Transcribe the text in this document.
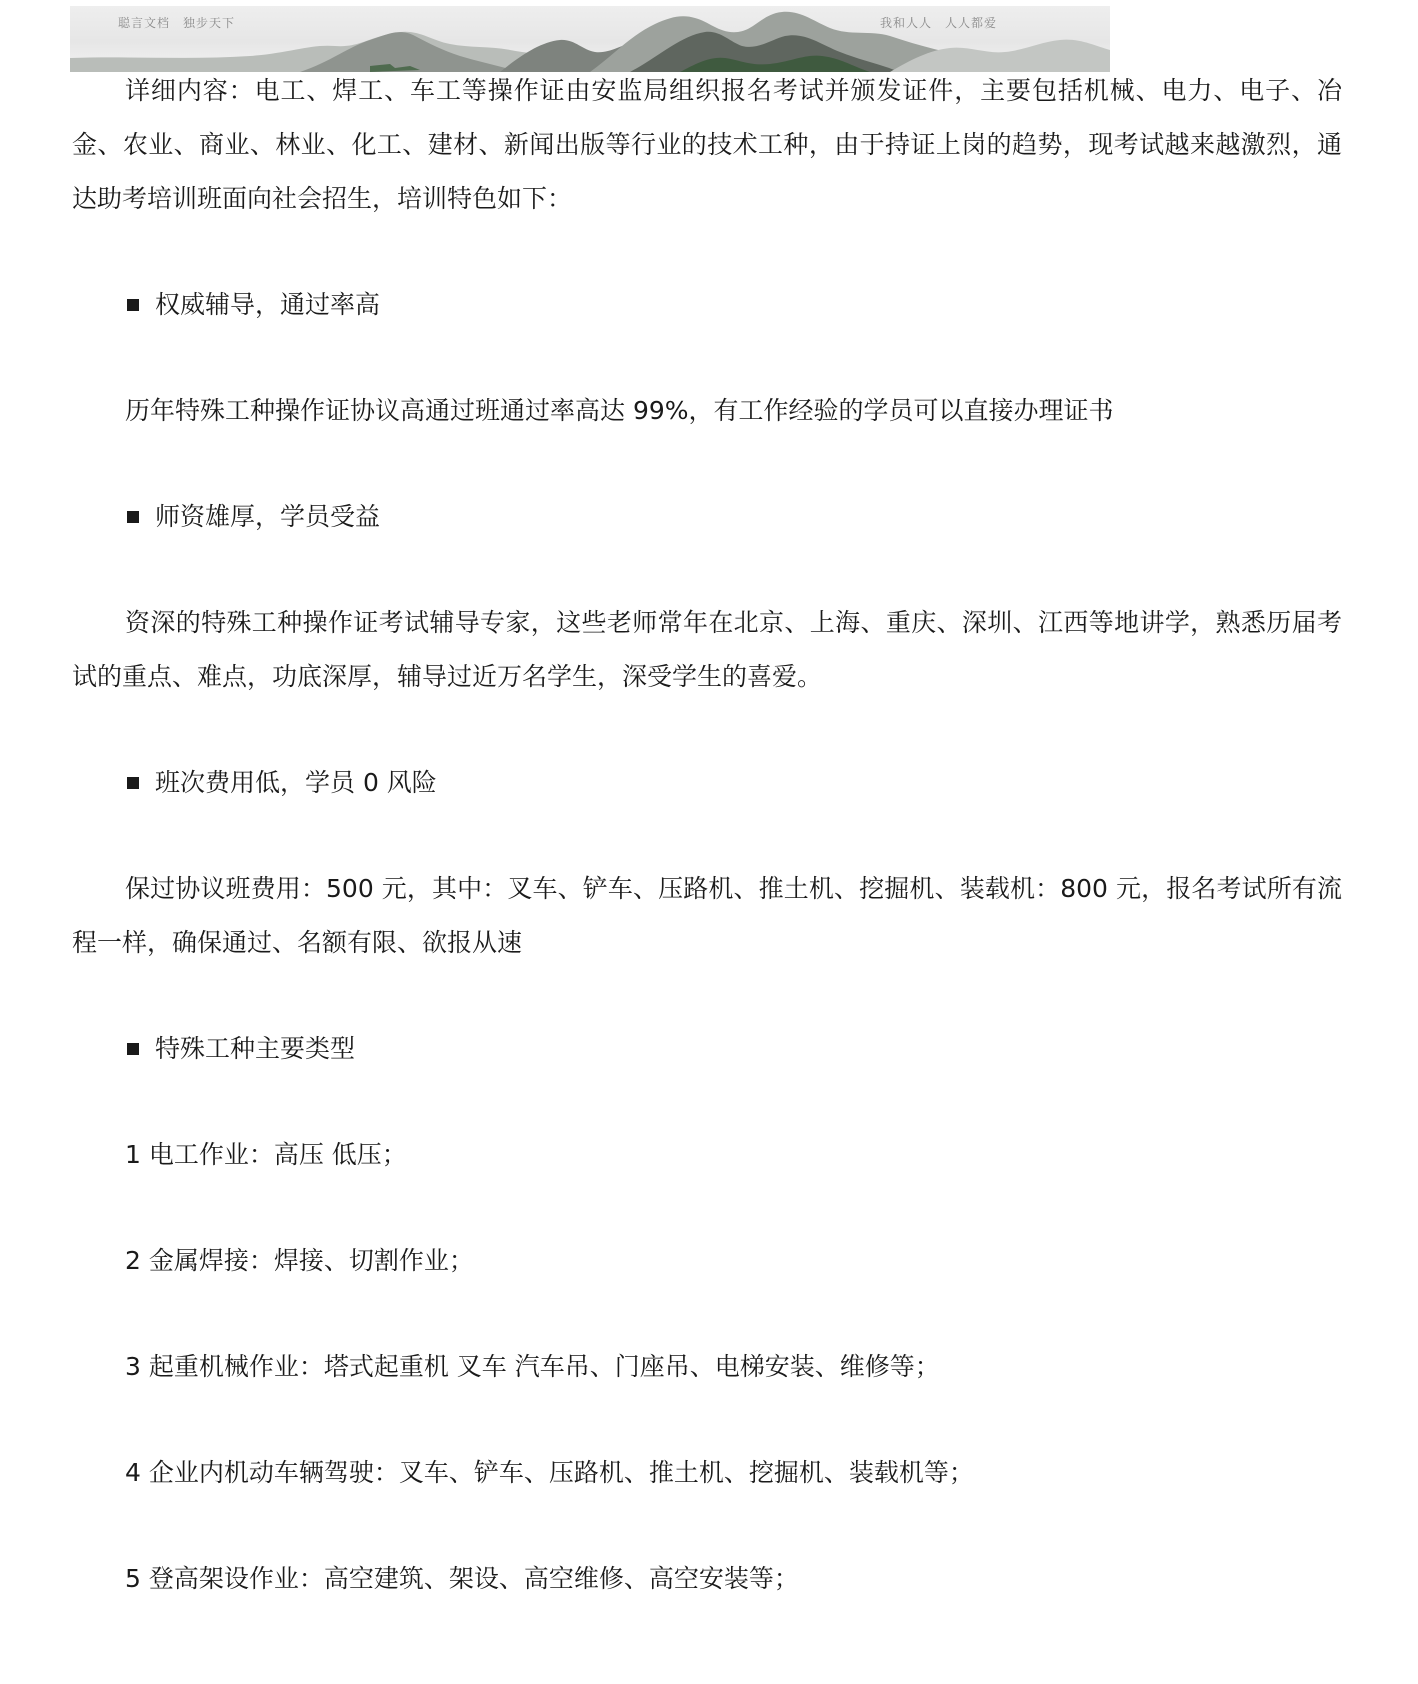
聪言文档　独步天下	我和人人　人人都爱

详细内容：电工、焊工、车工等操作证由安监局组织报名考试并颁发证件，主要包括机械、电力、电子、冶金、农业、商业、林业、化工、建材、新闻出版等行业的技术工种，由于持证上岗的趋势，现考试越来越激烈，通达助考培训班面向社会招生，培训特色如下：

权威辅导，通过率高

历年特殊工种操作证协议高通过班通过率高达 99%，有工作经验的学员可以直接办理证书

师资雄厚，学员受益

资深的特殊工种操作证考试辅导专家，这些老师常年在北京、上海、重庆、深圳、江西等地讲学，熟悉历届考试的重点、难点，功底深厚，辅导过近万名学生，深受学生的喜爱。

班次费用低，学员 0 风险

保过协议班费用：500 元，其中：叉车、铲车、压路机、推土机、挖掘机、装载机：800 元，报名考试所有流程一样，确保通过、名额有限、欲报从速

特殊工种主要类型

1 电工作业：高压 低压；

2 金属焊接：焊接、切割作业；

3 起重机械作业：塔式起重机 叉车 汽车吊、门座吊、电梯安装、维修等；

4 企业内机动车辆驾驶：叉车、铲车、压路机、推土机、挖掘机、装载机等；

5 登高架设作业：高空建筑、架设、高空维修、高空安装等；
